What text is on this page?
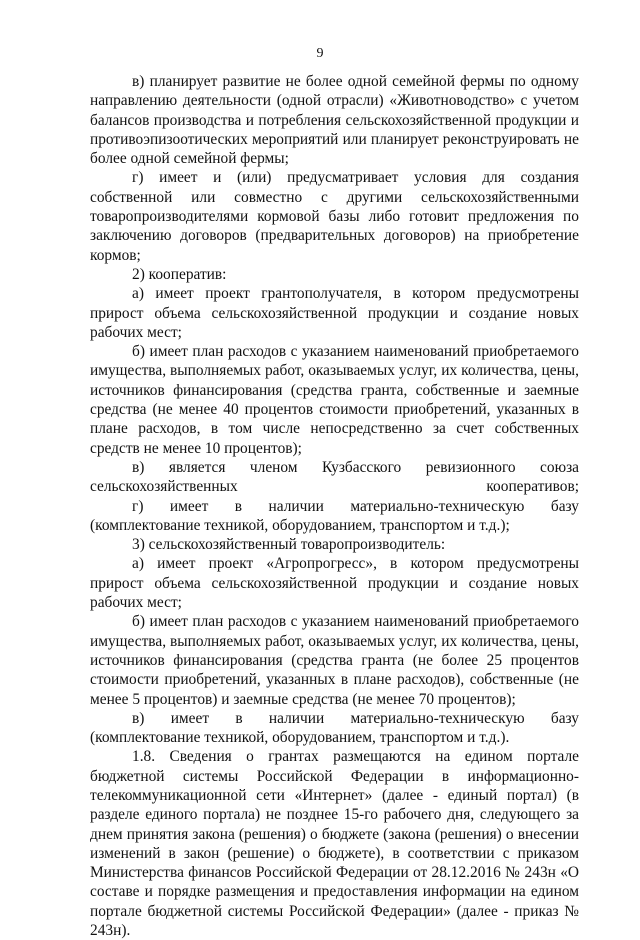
9

в) планирует развитие не более одной семейной фермы по одному направлению деятельности (одной отрасли) «Животноводство» с учетом балансов производства и потребления сельскохозяйственной продукции и противоэпизоотических мероприятий или планирует реконструировать не более одной семейной фермы;

г) имеет и (или) предусматривает условия для создания собственной или совместно с другими сельскохозяйственными товаропроизводителями кормовой базы либо готовит предложения по заключению договоров (предварительных договоров) на приобретение кормов;

2) кооператив:

а) имеет проект грантополучателя, в котором предусмотрены прирост объема сельскохозяйственной продукции и создание новых рабочих мест;

б) имеет план расходов с указанием наименований приобретаемого имущества, выполняемых работ, оказываемых услуг, их количества, цены, источников финансирования (средства гранта, собственные и заемные средства (не менее 40 процентов стоимости приобретений, указанных в плане расходов, в том числе непосредственно за счет собственных средств не менее 10 процентов);

в) является членом Кузбасского ревизионного союза сельскохозяйственных кооперативов;

г) имеет в наличии материально-техническую базу (комплектование техникой, оборудованием, транспортом и т.д.);

3) сельскохозяйственный товаропроизводитель:

а) имеет проект «Агропрогресс», в котором предусмотрены прирост объема сельскохозяйственной продукции и создание новых рабочих мест;

б) имеет план расходов с указанием наименований приобретаемого имущества, выполняемых работ, оказываемых услуг, их количества, цены, источников финансирования (средства гранта (не более 25 процентов стоимости приобретений, указанных в плане расходов), собственные (не менее 5 процентов) и заемные средства (не менее 70 процентов);

в) имеет в наличии материально-техническую базу (комплектование техникой, оборудованием, транспортом и т.д.).

1.8. Сведения о грантах размещаются на едином портале бюджетной системы Российской Федерации в информационно-телекоммуникационной сети «Интернет» (далее - единый портал) (в разделе единого портала) не позднее 15-го рабочего дня, следующего за днем принятия закона (решения) о бюджете (закона (решения) о внесении изменений в закон (решение) о бюджете), в соответствии с приказом Министерства финансов Российской Федерации от 28.12.2016 № 243н «О составе и порядке размещения и предоставления информации на едином портале бюджетной системы Российской Федерации» (далее - приказ № 243н).
